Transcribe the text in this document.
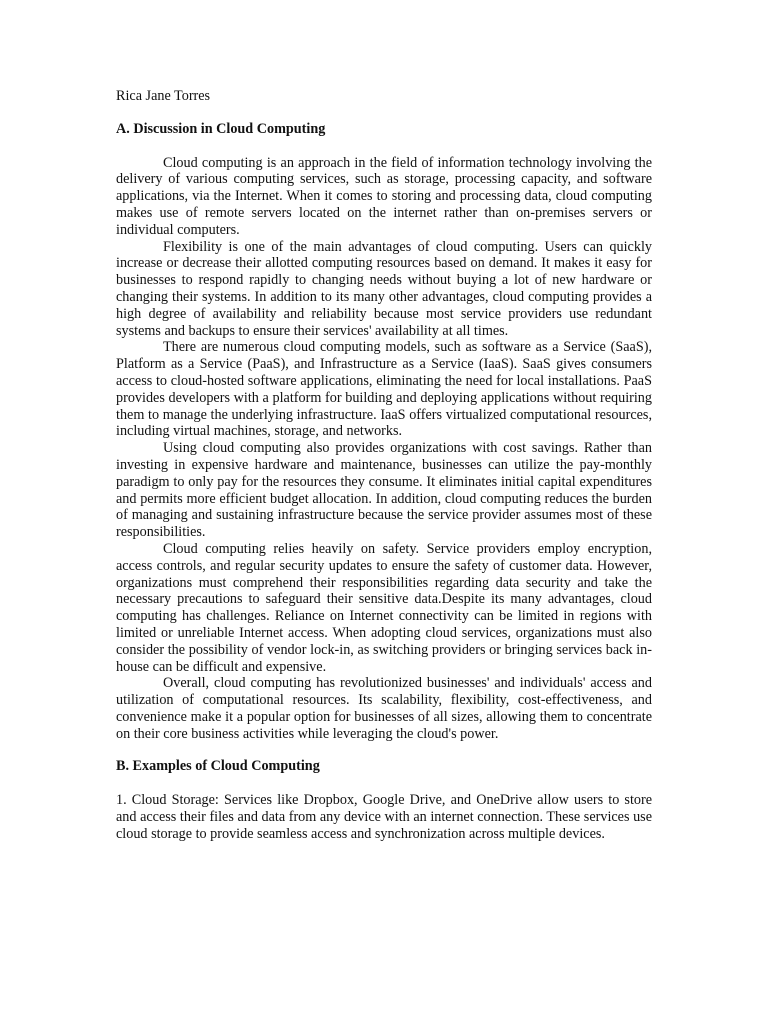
Rica Jane Torres

A. Discussion in Cloud Computing

Cloud computing is an approach in the field of information technology involving the delivery of various computing services, such as storage, processing capacity, and software applications, via the Internet. When it comes to storing and processing data, cloud computing makes use of remote servers located on the internet rather than on-premises servers or individual computers.

Flexibility is one of the main advantages of cloud computing. Users can quickly increase or decrease their allotted computing resources based on demand. It makes it easy for businesses to respond rapidly to changing needs without buying a lot of new hardware or changing their systems. In addition to its many other advantages, cloud computing provides a high degree of availability and reliability because most service providers use redundant systems and backups to ensure their services' availability at all times.

There are numerous cloud computing models, such as software as a Service (SaaS), Platform as a Service (PaaS), and Infrastructure as a Service (IaaS). SaaS gives consumers access to cloud-hosted software applications, eliminating the need for local installations. PaaS provides developers with a platform for building and deploying applications without requiring them to manage the underlying infrastructure. IaaS offers virtualized computational resources, including virtual machines, storage, and networks.

Using cloud computing also provides organizations with cost savings. Rather than investing in expensive hardware and maintenance, businesses can utilize the pay-monthly paradigm to only pay for the resources they consume. It eliminates initial capital expenditures and permits more efficient budget allocation. In addition, cloud computing reduces the burden of managing and sustaining infrastructure because the service provider assumes most of these responsibilities.

Cloud computing relies heavily on safety. Service providers employ encryption, access controls, and regular security updates to ensure the safety of customer data. However, organizations must comprehend their responsibilities regarding data security and take the necessary precautions to safeguard their sensitive data.Despite its many advantages, cloud computing has challenges. Reliance on Internet connectivity can be limited in regions with limited or unreliable Internet access. When adopting cloud services, organizations must also consider the possibility of vendor lock-in, as switching providers or bringing services back in-house can be difficult and expensive.

Overall, cloud computing has revolutionized businesses' and individuals' access and utilization of computational resources. Its scalability, flexibility, cost-effectiveness, and convenience make it a popular option for businesses of all sizes, allowing them to concentrate on their core business activities while leveraging the cloud's power.

B. Examples of Cloud Computing

1. Cloud Storage: Services like Dropbox, Google Drive, and OneDrive allow users to store and access their files and data from any device with an internet connection. These services use cloud storage to provide seamless access and synchronization across multiple devices.
